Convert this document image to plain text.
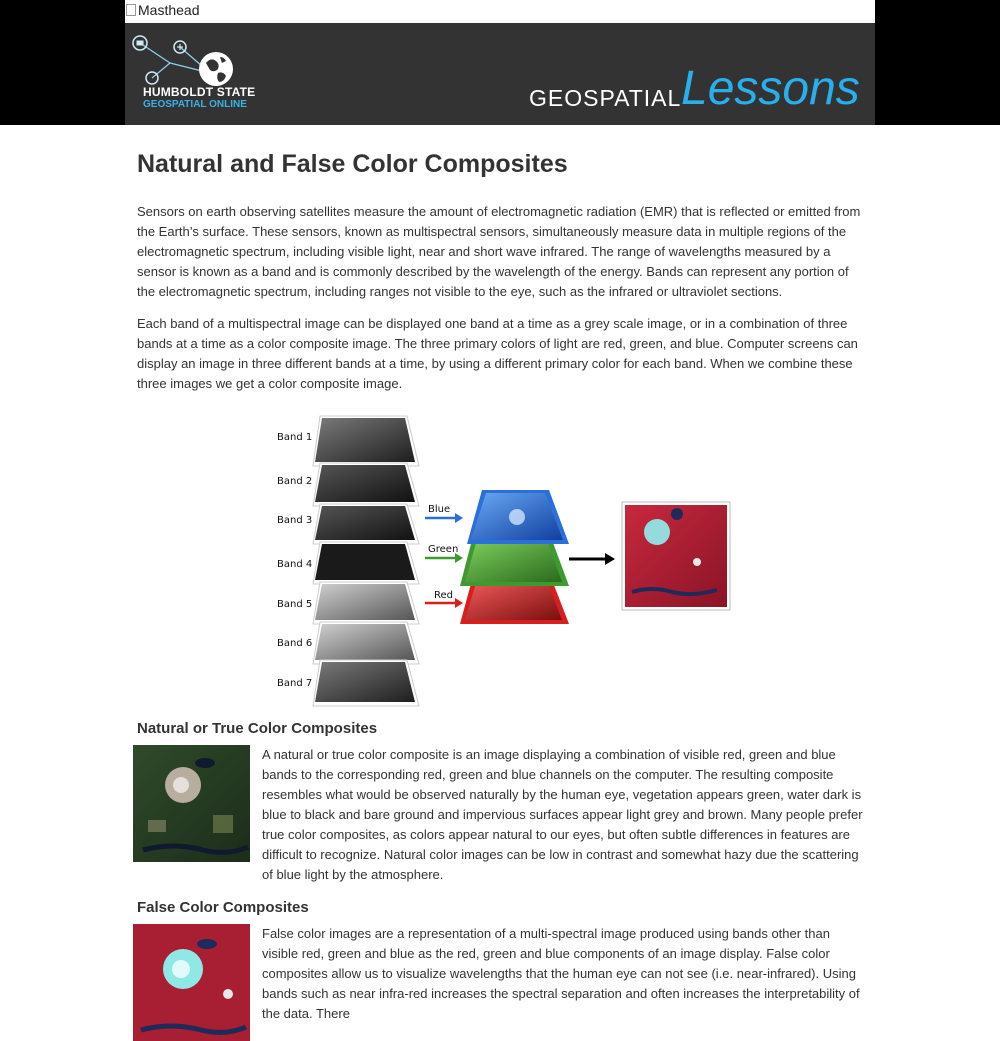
Masthead
HUMBOLDT STATE
GEOSPATIAL ONLINE	GEOSPATIAL Lessons
Natural and False Color Composites

Sensors on earth observing satellites measure the amount of electromagnetic radiation (EMR) that is reflected or emitted from the Earth’s surface. These sensors, known as multispectral sensors, simultaneously measure data in multiple regions of the electromagnetic spectrum, including visible light, near and short wave infrared. The range of wavelengths measured by a sensor is known as a band and is commonly described by the wavelength of the energy. Bands can represent any portion of the electromagnetic spectrum, including ranges not visible to the eye, such as the infrared or ultraviolet sections.

Each band of a multispectral image can be displayed one band at a time as a grey scale image, or in a combination of three bands at a time as a color composite image. The three primary colors of light are red, green, and blue. Computer screens can display an image in three different bands at a time, by using a different primary color for each band. When we combine these three images we get a color composite image.

Band 1
Band 2
Band 3
Band 4
Band 5
Band 6
Band 7
Blue
Green
Red
Natural or True Color Composites
A natural or true color composite is an image displaying a combination of visible red, green and blue bands to the corresponding red, green and blue channels on the computer. The resulting composite resembles what would be observed naturally by the human eye, vegetation appears green, water dark is blue to black and bare ground and impervious surfaces appear light grey and brown. Many people prefer true color composites, as colors appear natural to our eyes, but often subtle differences in features are difficult to recognize. Natural color images can be low in contrast and somewhat hazy due the scattering of blue light by the atmosphere.
False Color Composites
False color images are a representation of a multi-spectral image produced using bands other than visible red, green and blue as the red, green and blue components of an image display. False color composites allow us to visualize wavelengths that the human eye can not see (i.e. near-infrared). Using bands such as near infra-red increases the spectral separation and often increases the interpretability of the data. There
